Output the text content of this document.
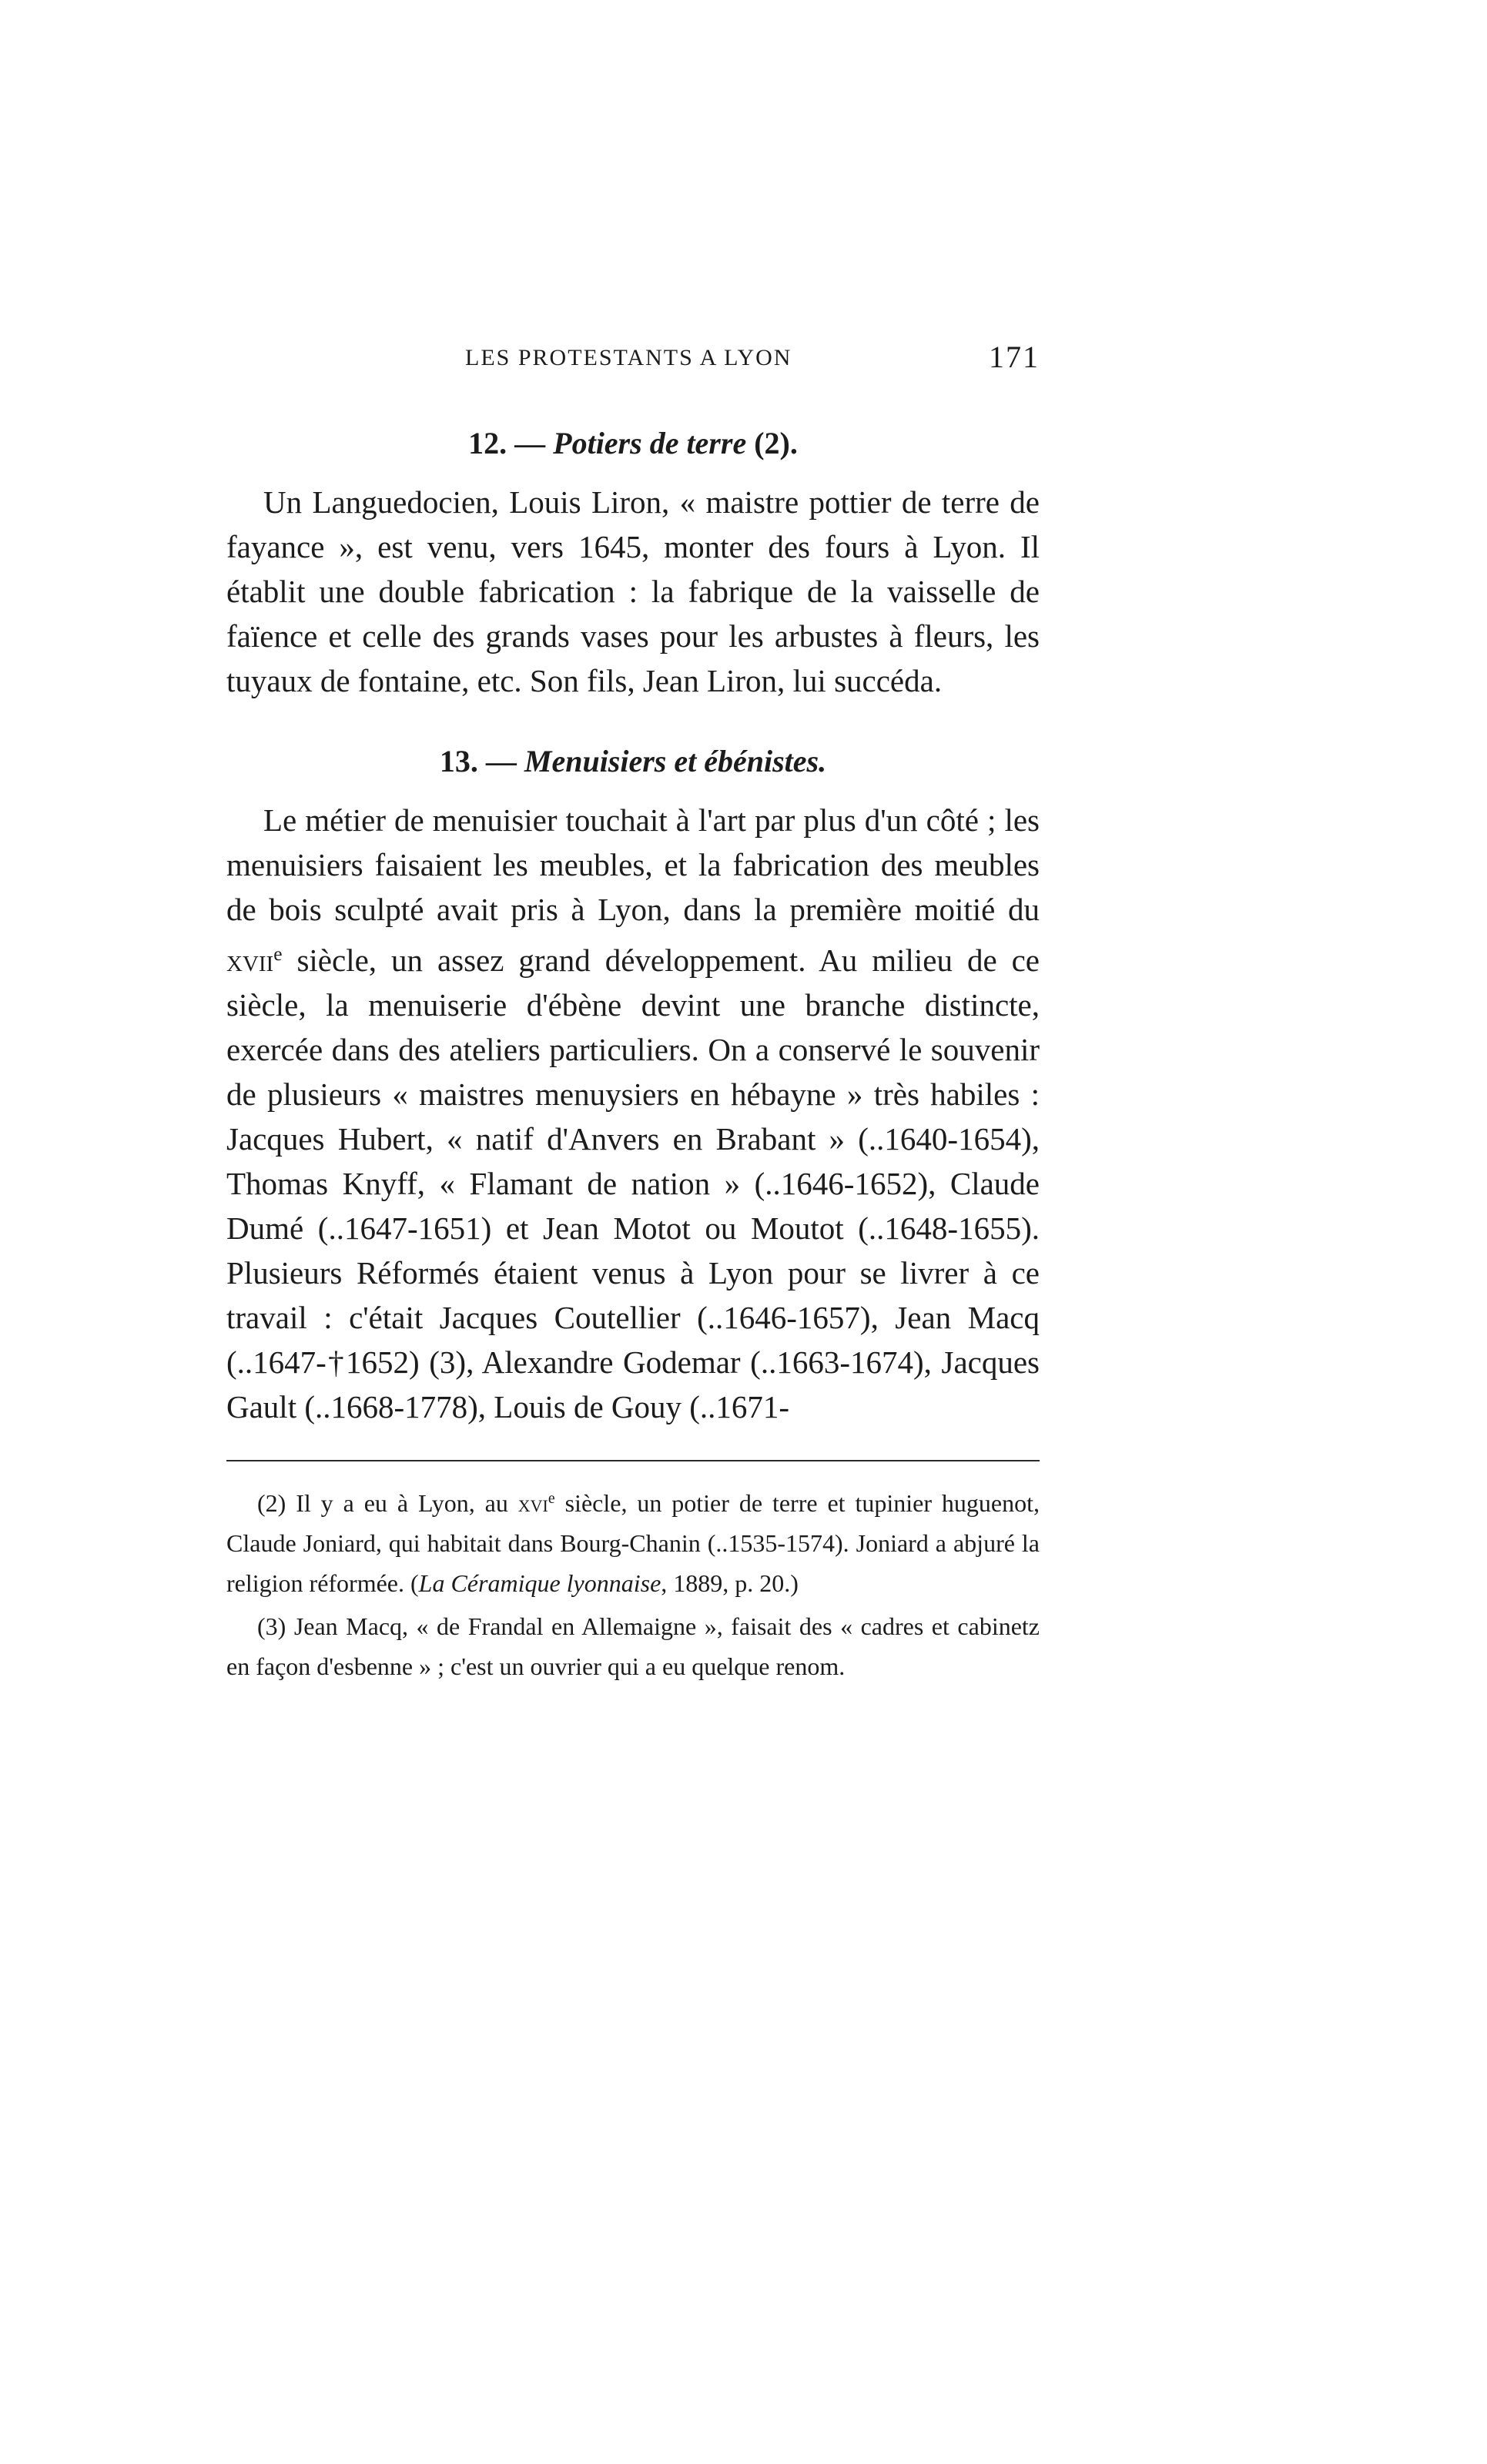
LES PROTESTANTS A LYON	171
12. — Potiers de terre (2).

Un Languedocien, Louis Liron, « maistre pottier de terre de fayance », est venu, vers 1645, monter des fours à Lyon. Il établit une double fabrication : la fabrique de la vaisselle de faïence et celle des grands vases pour les arbustes à fleurs, les tuyaux de fontaine, etc. Son fils, Jean Liron, lui succéda.

13. — Menuisiers et ébénistes.

Le métier de menuisier touchait à l'art par plus d'un côté ; les menuisiers faisaient les meubles, et la fabrication des meubles de bois sculpté avait pris à Lyon, dans la première moitié du xvii$^e$ siècle, un assez grand développement. Au milieu de ce siècle, la menuiserie d'ébène devint une branche distincte, exercée dans des ateliers particuliers. On a conservé le souvenir de plusieurs « maistres menuysiers en hébayne » très habiles : Jacques Hubert, « natif d'Anvers en Brabant » (..1640-1654), Thomas Knyff, « Flamant de nation » (..1646-1652), Claude Dumé (..1647-1651) et Jean Motot ou Moutot (..1648-1655). Plusieurs Réformés étaient venus à Lyon pour se livrer à ce travail : c'était Jacques Coutellier (..1646-1657), Jean Macq (..1647-†1652) (3), Alexandre Godemar (..1663-1674), Jacques Gault (..1668-1778), Louis de Gouy (..1671-

(2) Il y a eu à Lyon, au xvi$^e$ siècle, un potier de terre et tupinier huguenot, Claude Joniard, qui habitait dans Bourg-Chanin (..1535-1574). Joniard a abjuré la religion réformée. (La Céramique lyonnaise, 1889, p. 20.)

(3) Jean Macq, « de Frandal en Allemaigne », faisait des « cadres et cabinetz en façon d'esbenne » ; c'est un ouvrier qui a eu quelque renom.
